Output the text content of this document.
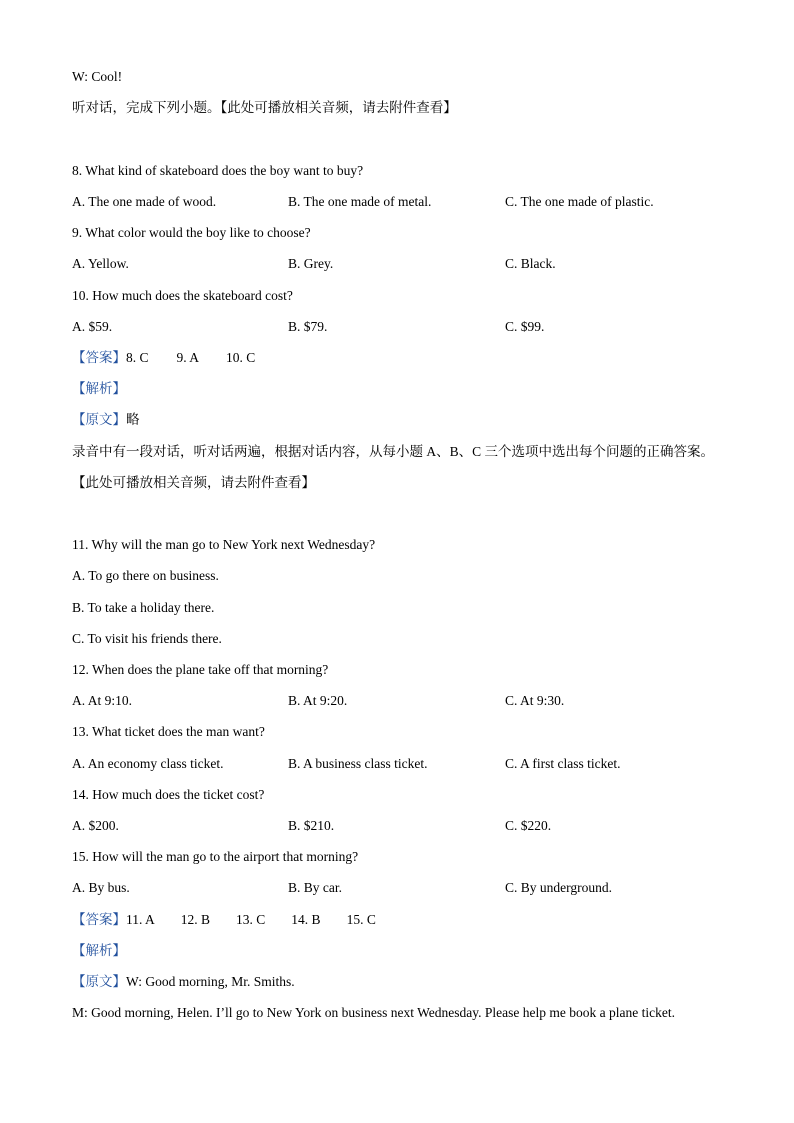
W: Cool!
听对话，完成下列小题。【此处可播放相关音频，请去附件查看】
8. What kind of skateboard does the boy want to buy?
A. The one made of wood.	B. The one made of metal.	C. The one made of plastic.
9. What color would the boy like to choose?
A. Yellow.	B. Grey.	C. Black.
10. How much does the skateboard cost?
A. $59.	B. $79.	C. $99.
【答案】8. C 9. A 10. C
【解析】
【原文】略
录音中有一段对话，听对话两遍，根据对话内容，从每小题 A、B、C 三个选项中选出每个问题的正确答案。【此处可播放相关音频，请去附件查看】
11. Why will the man go to New York next Wednesday?
A. To go there on business.
B. To take a holiday there.
C. To visit his friends there.
12. When does the plane take off that morning?
A. At 9:10.	B. At 9:20.	C. At 9:30.
13. What ticket does the man want?
A. An economy class ticket.	B. A business class ticket.	C. A first class ticket.
14. How much does the ticket cost?
A. $200.	B. $210.	C. $220.
15. How will the man go to the airport that morning?
A. By bus.	B. By car.	C. By underground.
【答案】11. A 12. B 13. C 14. B 15. C
【解析】
【原文】W: Good morning, Mr. Smiths.
M: Good morning, Helen. I’ll go to New York on business next Wednesday. Please help me book a plane ticket.
